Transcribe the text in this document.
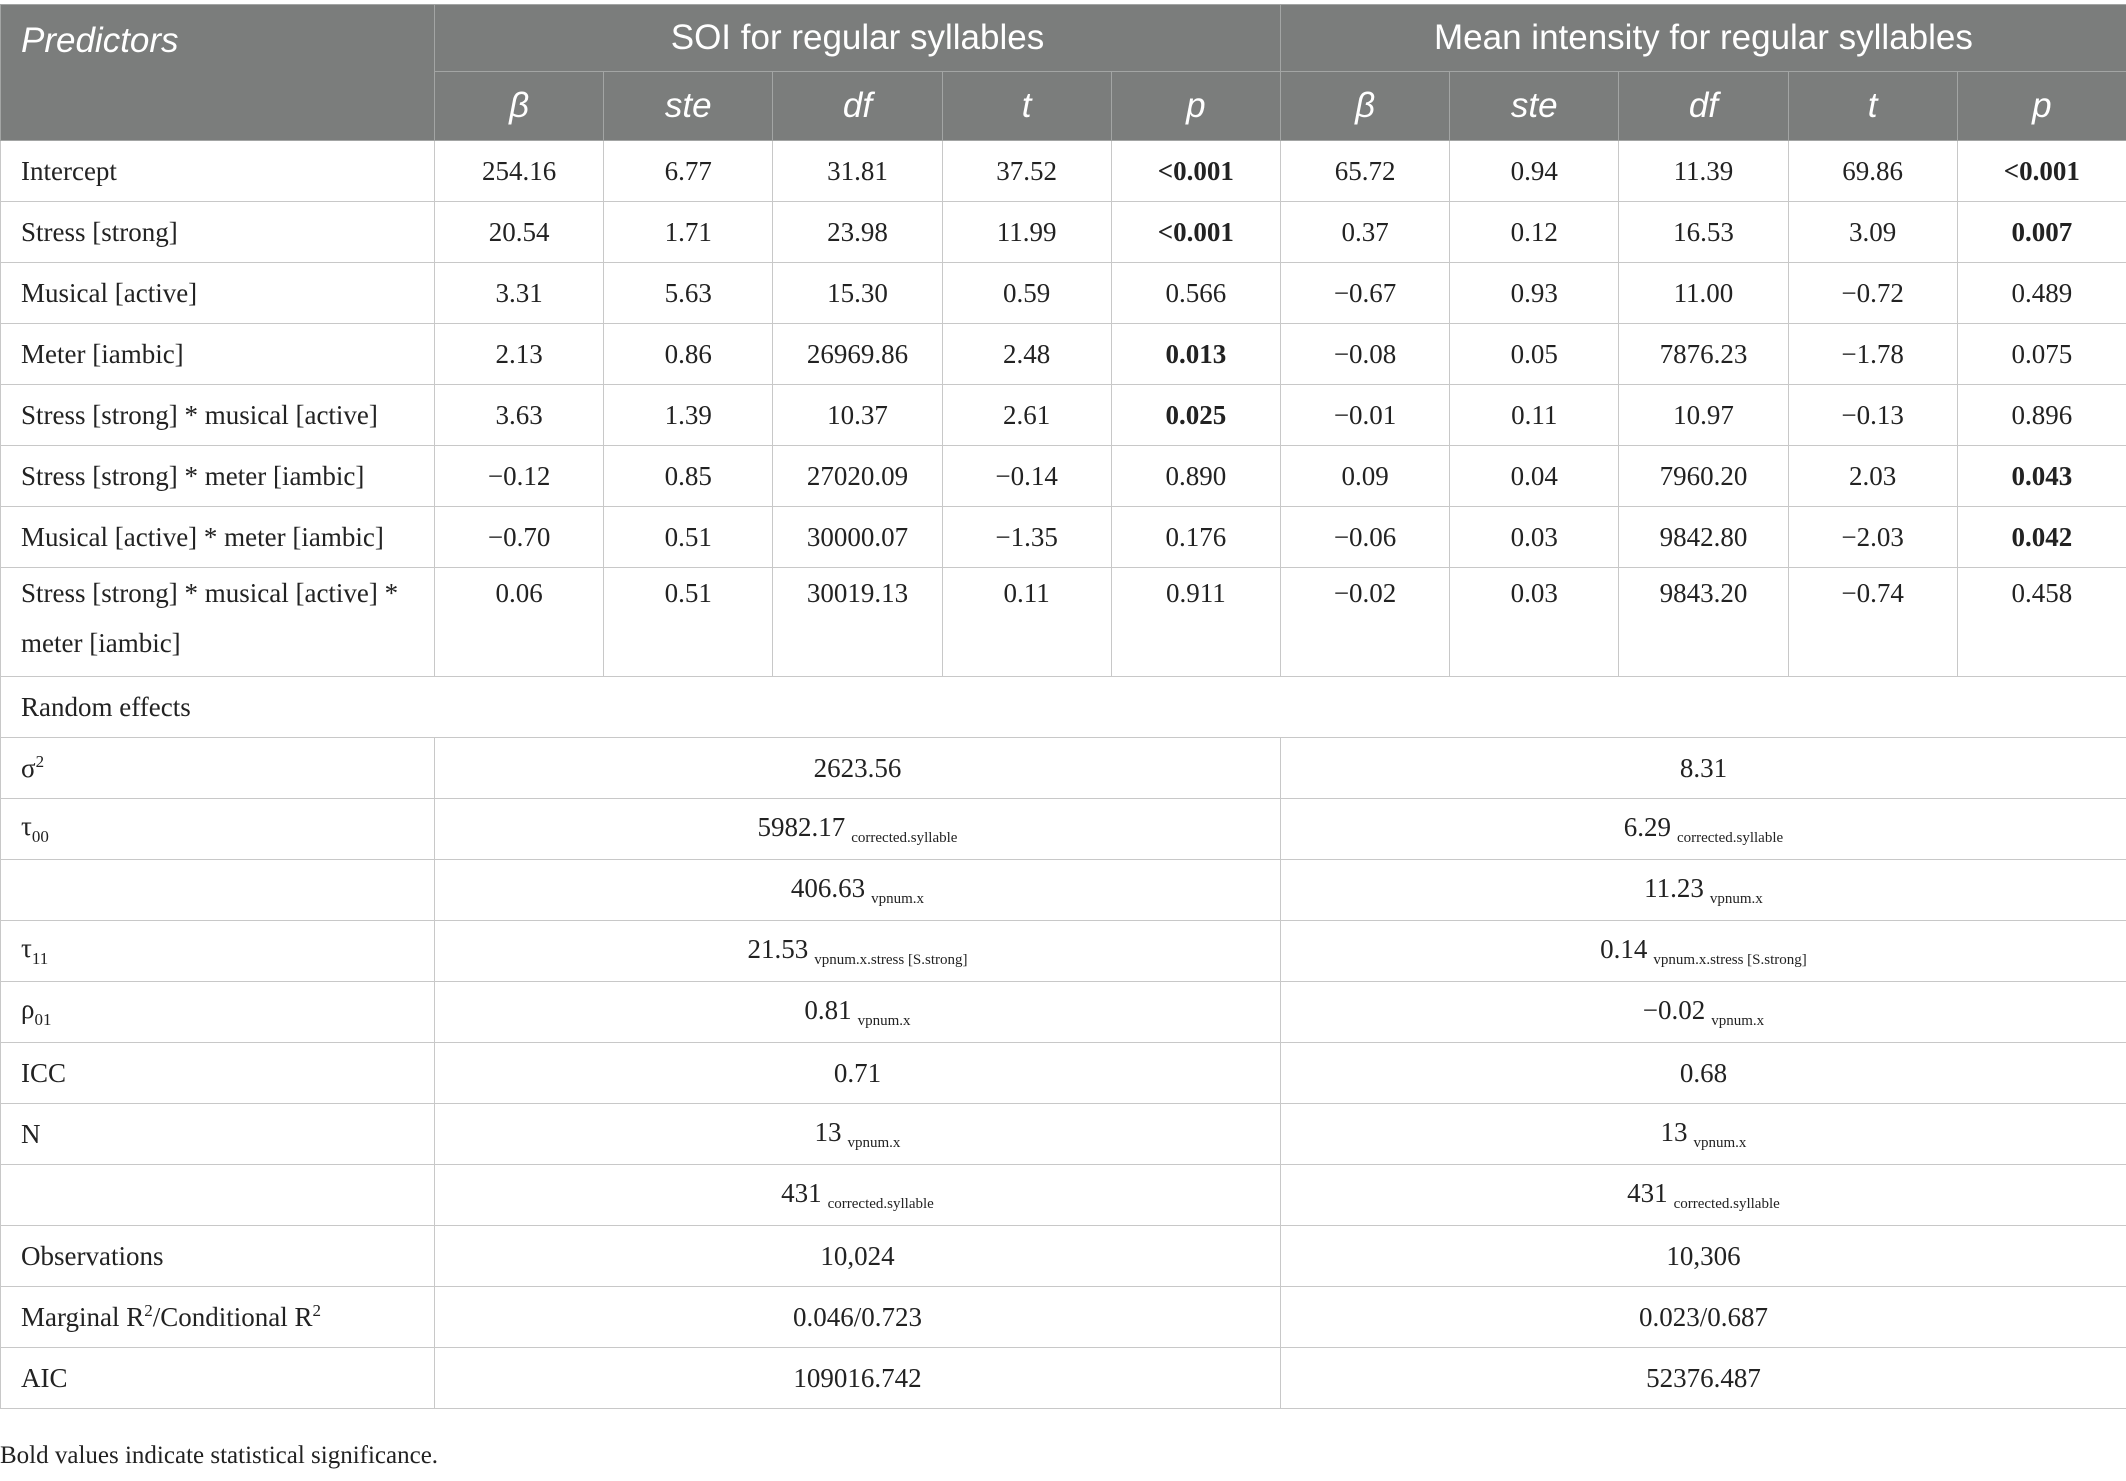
Predictors	SOI for regular syllables					Mean intensity for regular syllables				
	β	ste	df	t	p	β	ste	df	t	p
Intercept	254.16	6.77	31.81	37.52	<0.001	65.72	0.94	11.39	69.86	<0.001
Stress [strong]	20.54	1.71	23.98	11.99	<0.001	0.37	0.12	16.53	3.09	0.007
Musical [active]	3.31	5.63	15.30	0.59	0.566	−0.67	0.93	11.00	−0.72	0.489
Meter [iambic]	2.13	0.86	26969.86	2.48	0.013	−0.08	0.05	7876.23	−1.78	0.075
Stress [strong] * musical [active]	3.63	1.39	10.37	2.61	0.025	−0.01	0.11	10.97	−0.13	0.896
Stress [strong] * meter [iambic]	−0.12	0.85	27020.09	−0.14	0.890	0.09	0.04	7960.20	2.03	0.043
Musical [active] * meter [iambic]	−0.70	0.51	30000.07	−1.35	0.176	−0.06	0.03	9842.80	−2.03	0.042
Stress [strong] * musical [active] * meter [iambic]	0.06	0.51	30019.13	0.11	0.911	−0.02	0.03	9843.20	−0.74	0.458
Random effects										
$\sigma^2$	2623.56					8.31				
$\tau_{00}$	5982.17 $_{corrected.syllable}$					6.29 $_{corrected.syllable}$
	406.63 $_{vpnum.x}$					11.23 $_{vpnum.x}$
$\tau_{11}$	21.53 $_{vpnum.x.stress [S.strong]}$					0.14 $_{vpnum.x.stress [S.strong]}$
$\rho_{01}$	0.81 $_{vpnum.x}$					−0.02 $_{vpnum.x}$
ICC	0.71					0.68				
N	13 $_{vpnum.x}$					13 $_{vpnum.x}$
	431 $_{corrected.syllable}$					431 $_{corrected.syllable}$
Observations	10,024					10,306				
Marginal $R^2$/Conditional $R^2$	0.046/0.723					0.023/0.687				
AIC	109016.742					52376.487				
Bold values indicate statistical significance.
